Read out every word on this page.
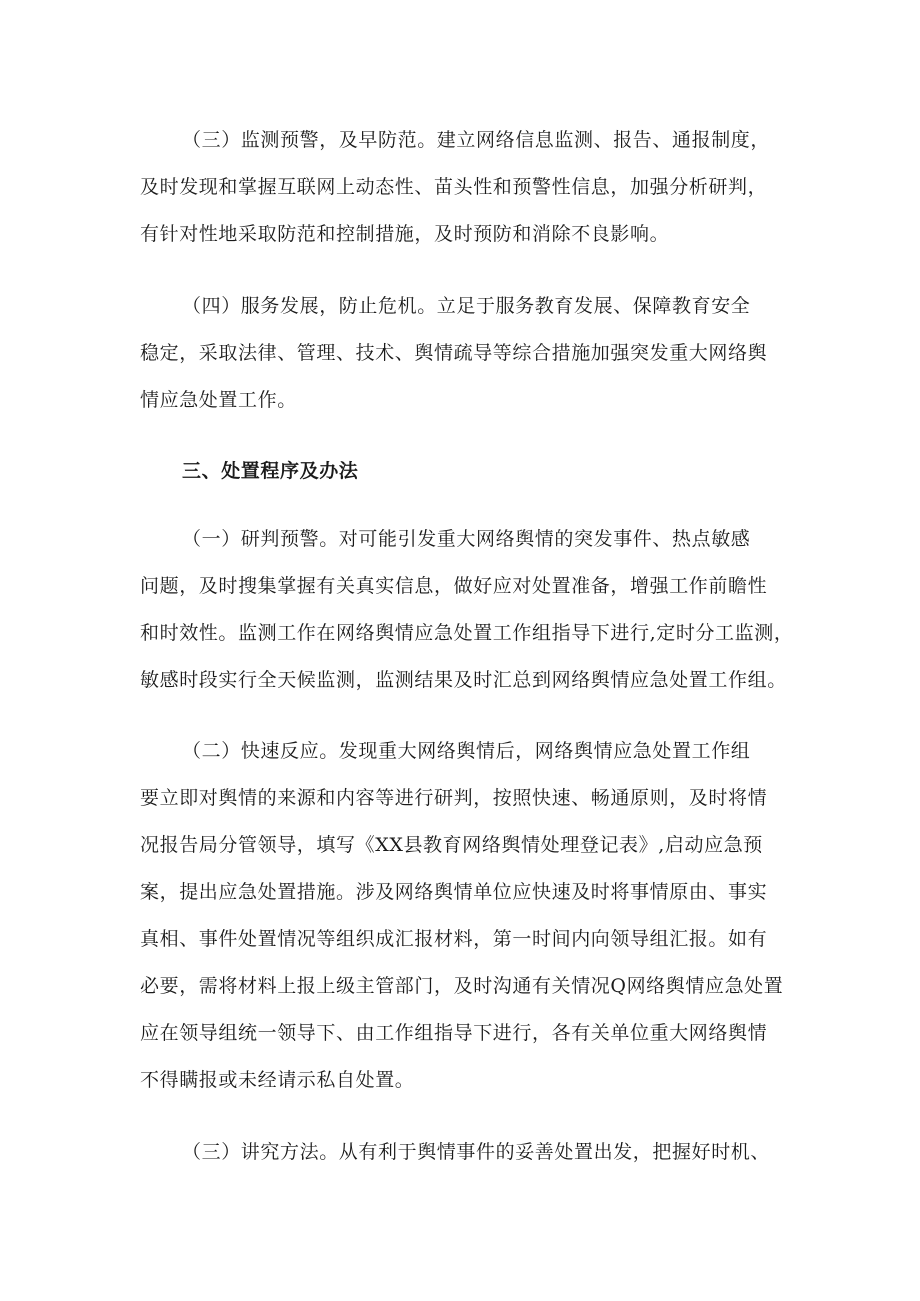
（三）监测预警，及早防范。建立网络信息监测、报告、通报制度，
及时发现和掌握互联网上动态性、苗头性和预警性信息，加强分析研判，
有针对性地采取防范和控制措施，及时预防和消除不良影响。
（四）服务发展，防止危机。立足于服务教育发展、保障教育安全
稳定，采取法律、管理、技术、舆情疏导等综合措施加强突发重大网络舆
情应急处置工作。
三、处置程序及办法
（一）研判预警。对可能引发重大网络舆情的突发事件、热点敏感
问题，及时搜集掌握有关真实信息，做好应对处置准备，增强工作前瞻性
和时效性。监测工作在网络舆情应急处置工作组指导下进行,定时分工监测，
敏感时段实行全天候监测，监测结果及时汇总到网络舆情应急处置工作组。
（二）快速反应。发现重大网络舆情后，网络舆情应急处置工作组
要立即对舆情的来源和内容等进行研判，按照快速、畅通原则，及时将情
况报告局分管领导，填写《XX县教育网络舆情处理登记表》,启动应急预
案，提出应急处置措施。涉及网络舆情单位应快速及时将事情原由、事实
真相、事件处置情况等组织成汇报材料，第一时间内向领导组汇报。如有
必要，需将材料上报上级主管部门，及时沟通有关情况Q网络舆情应急处置
应在领导组统一领导下、由工作组指导下进行，各有关单位重大网络舆情
不得瞒报或未经请示私自处置。
（三）讲究方法。从有利于舆情事件的妥善处置出发，把握好时机、
